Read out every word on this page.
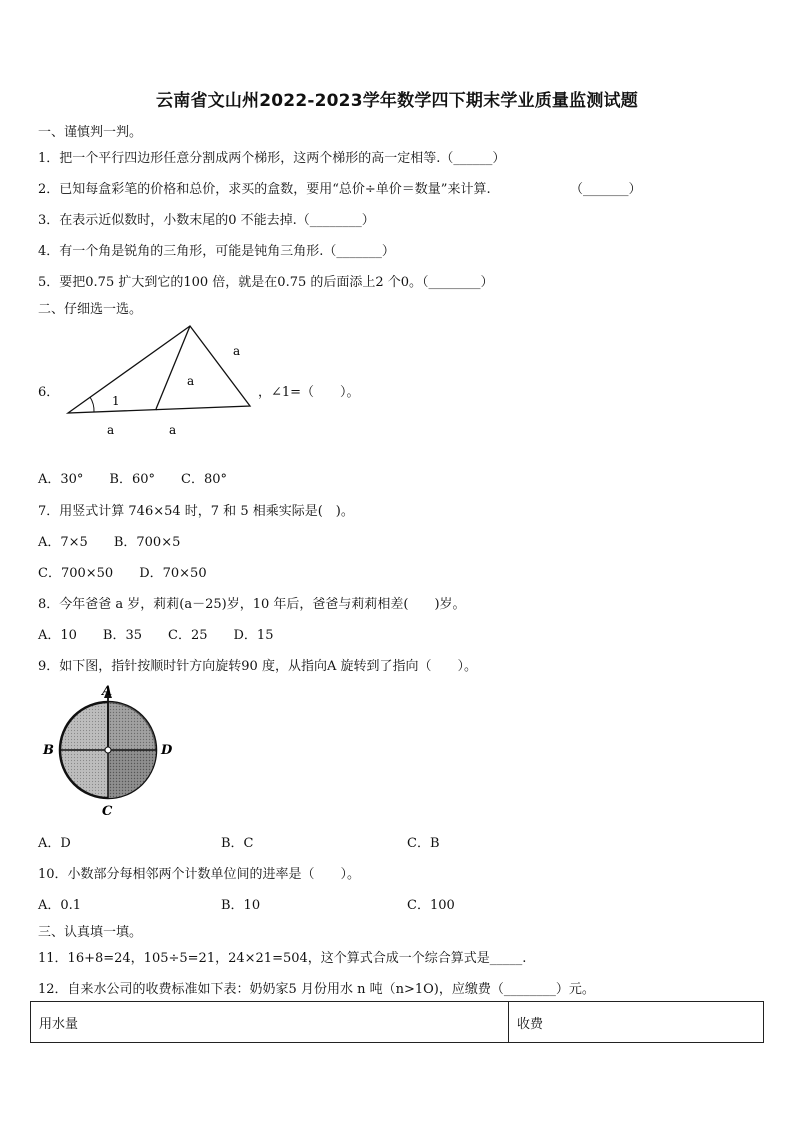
云南省文山州2022-2023学年数学四下期末学业质量监测试题
一、谨慎判一判。
1．把一个平行四边形任意分割成两个梯形，这两个梯形的高一定相等.（______）
2．已知每盒彩笔的价格和总价，求买的盒数，要用“总价÷单价＝数量”来计算.	（_______）
3．在表示近似数时，小数末尾的0 不能去掉.（________）
4．有一个角是锐角的三角形，可能是钝角三角形.（_______）
5．要把0.75 扩大到它的100 倍，就是在0.75 的后面添上2 个0。（________）
二、仔细选一选。
6．
1
a
a
a	a
，∠1=（　　）。
A．30°　　B．60°　　C．80°
7．用竖式计算 746×54 时，7 和 5 相乘实际是(　)。
A．7×5　　B．700×5
C．700×50　　D．70×50
8．今年爸爸 a 岁，莉莉(a－25)岁，10 年后，爸爸与莉莉相差(　　)岁。
A．10　　B．35　　C．25　　D．15
9．如下图，指针按顺时针方向旋转90 度，从指向A 旋转到了指向（　　）。
A
B
C
D
A．D	B．C	C．B
10．小数部分每相邻两个计数单位间的进率是（　　）。
A．0.1	B．10	C．100
三、认真填一填。
11．16+8=24，105÷5=21，24×21=504，这个算式合成一个综合算式是_____.
12．自来水公司的收费标准如下表：奶奶家5 月份用水 n 吨（n>1O)，应缴费（________）元。
用水量	收费
